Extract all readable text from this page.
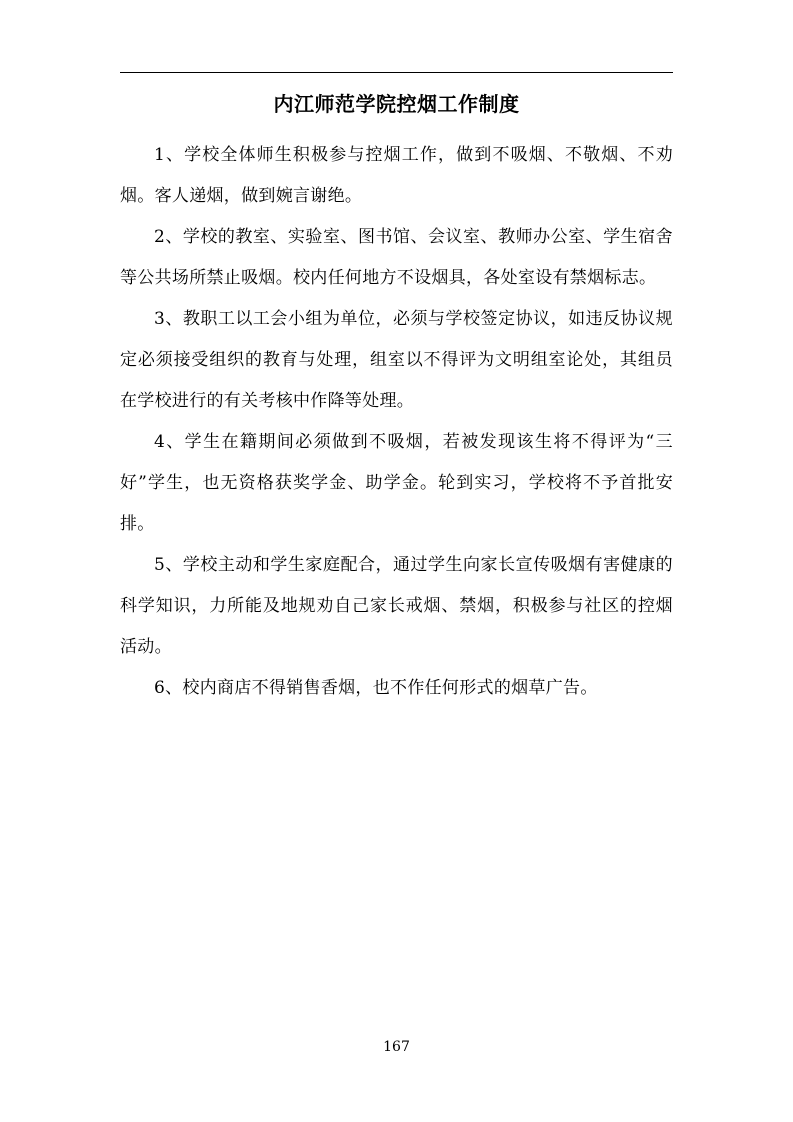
内江师范学院控烟工作制度

1、学校全体师生积极参与控烟工作，做到不吸烟、不敬烟、不劝烟。客人递烟，做到婉言谢绝。

2、学校的教室、实验室、图书馆、会议室、教师办公室、学生宿舍等公共场所禁止吸烟。校内任何地方不设烟具，各处室设有禁烟标志。

3、教职工以工会小组为单位，必须与学校签定协议，如违反协议规定必须接受组织的教育与处理，组室以不得评为文明组室论处，其组员在学校进行的有关考核中作降等处理。

4、学生在籍期间必须做到不吸烟，若被发现该生将不得评为“三好”学生，也无资格获奖学金、助学金。轮到实习，学校将不予首批安排。

5、学校主动和学生家庭配合，通过学生向家长宣传吸烟有害健康的科学知识，力所能及地规劝自己家长戒烟、禁烟，积极参与社区的控烟活动。

6、校内商店不得销售香烟，也不作任何形式的烟草广告。

167
